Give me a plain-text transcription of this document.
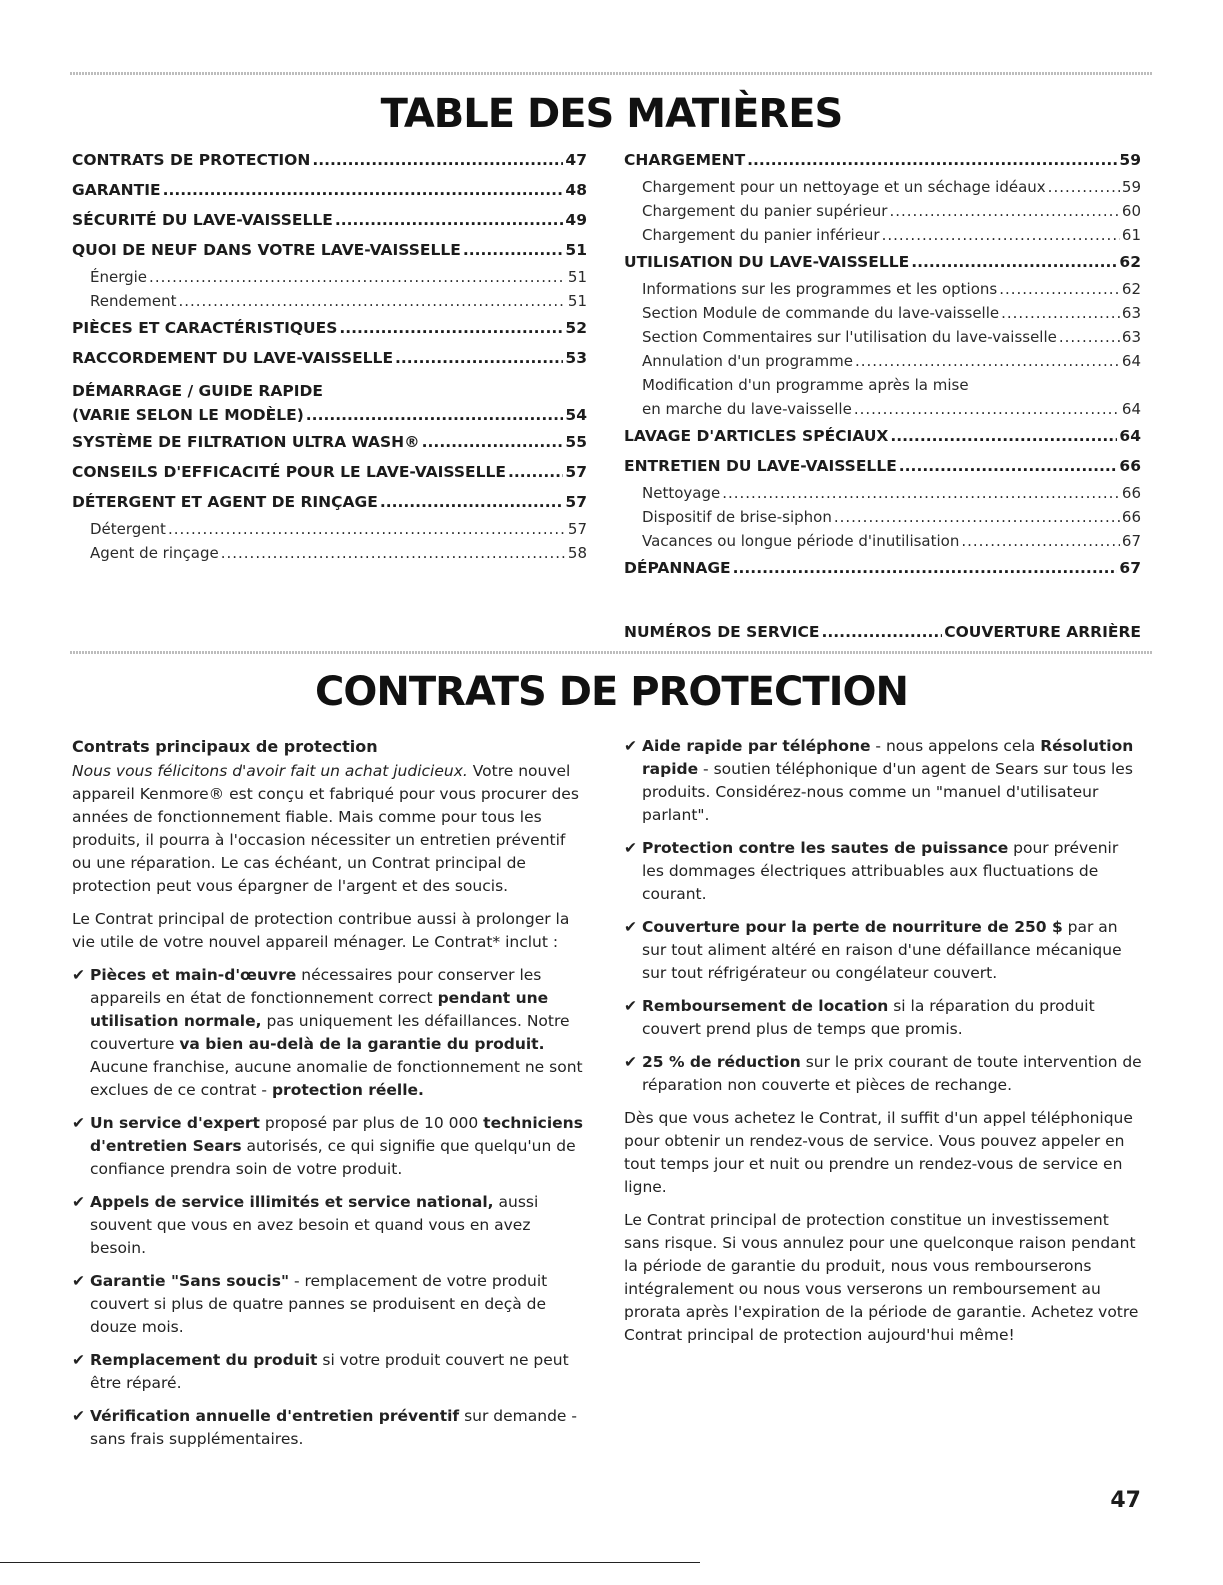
TABLE DES MATIÈRES
CONTRATS DE PROTECTION .....	47
GARANTIE .....	48
SÉCURITÉ DU LAVE-VAISSELLE .....	49
QUOI DE NEUF DANS VOTRE LAVE-VAISSELLE .....	51
Énergie .....	51
Rendement .....	51
PIÈCES ET CARACTÉRISTIQUES .....	52
RACCORDEMENT DU LAVE-VAISSELLE .....	53
DÉMARRAGE / GUIDE RAPIDE
(VARIE SELON LE MODÈLE) .....	54
SYSTÈME DE FILTRATION ULTRA WASH® .....	55
CONSEILS D'EFFICACITÉ POUR LE LAVE-VAISSELLE .....	57
DÉTERGENT ET AGENT DE RINÇAGE .....	57
Détergent .....	57
Agent de rinçage .....	58
CHARGEMENT .....	59
Chargement pour un nettoyage et un séchage idéaux .....	59
Chargement du panier supérieur .....	60
Chargement du panier inférieur .....	61
UTILISATION DU LAVE-VAISSELLE .....	62
Informations sur les programmes et les options .....	62
Section Module de commande du lave-vaisselle .....	63
Section Commentaires sur l'utilisation du lave-vaisselle .....	63
Annulation d'un programme .....	64
Modification d'un programme après la mise
en marche du lave-vaisselle .....	64
LAVAGE D'ARTICLES SPÉCIAUX .....	64
ENTRETIEN DU LAVE-VAISSELLE .....	66
Nettoyage .....	66
Dispositif de brise-siphon .....	66
Vacances ou longue période d'inutilisation .....	67
DÉPANNAGE .....	67
NUMÉROS DE SERVICE .....	COUVERTURE ARRIÈRE
CONTRATS DE PROTECTION
Contrats principaux de protection

Nous vous félicitons d'avoir fait un achat judicieux. Votre nouvel appareil Kenmore® est conçu et fabriqué pour vous procurer des années de fonctionnement fiable. Mais comme pour tous les produits, il pourra à l'occasion nécessiter un entretien préventif ou une réparation. Le cas échéant, un Contrat principal de protection peut vous épargner de l'argent et des soucis.

Le Contrat principal de protection contribue aussi à prolonger la vie utile de votre nouvel appareil ménager. Le Contrat* inclut :

✔ Pièces et main-d'œuvre nécessaires pour conserver les appareils en état de fonctionnement correct pendant une utilisation normale, pas uniquement les défaillances. Notre couverture va bien au-delà de la garantie du produit. Aucune franchise, aucune anomalie de fonctionnement ne sont exclues de ce contrat - protection réelle.
✔ Un service d'expert proposé par plus de 10 000 techniciens d'entretien Sears autorisés, ce qui signifie que quelqu'un de confiance prendra soin de votre produit.
✔ Appels de service illimités et service national, aussi souvent que vous en avez besoin et quand vous en avez besoin.
✔ Garantie "Sans soucis" - remplacement de votre produit couvert si plus de quatre pannes se produisent en deçà de douze mois.
✔ Remplacement du produit si votre produit couvert ne peut être réparé.
✔ Vérification annuelle d'entretien préventif sur demande - sans frais supplémentaires.
✔ Aide rapide par téléphone - nous appelons cela Résolution rapide - soutien téléphonique d'un agent de Sears sur tous les produits. Considérez-nous comme un "manuel d'utilisateur parlant".
✔ Protection contre les sautes de puissance pour prévenir les dommages électriques attribuables aux fluctuations de courant.
✔ Couverture pour la perte de nourriture de 250 $ par an sur tout aliment altéré en raison d'une défaillance mécanique sur tout réfrigérateur ou congélateur couvert.
✔ Remboursement de location si la réparation du produit couvert prend plus de temps que promis.
✔ 25 % de réduction sur le prix courant de toute intervention de réparation non couverte et pièces de rechange.

Dès que vous achetez le Contrat, il suffit d'un appel téléphonique pour obtenir un rendez-vous de service. Vous pouvez appeler en tout temps jour et nuit ou prendre un rendez-vous de service en ligne.

Le Contrat principal de protection constitue un investissement sans risque. Si vous annulez pour une quelconque raison pendant la période de garantie du produit, nous vous rembourserons intégralement ou nous vous verserons un remboursement au prorata après l'expiration de la période de garantie. Achetez votre Contrat principal de protection aujourd'hui même!

47
